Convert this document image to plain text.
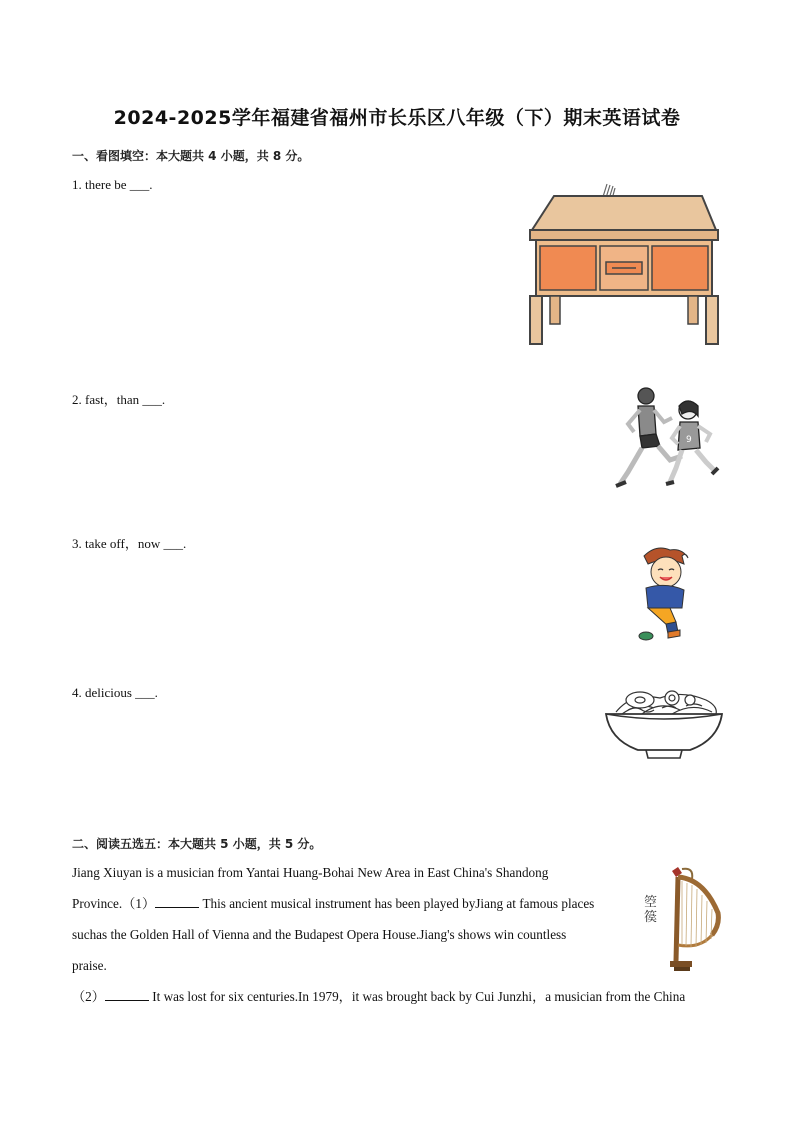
2024-2025学年福建省福州市长乐区八年级（下）期末英语试卷
一、看图填空：本大题共 4 小题，共 8 分。
1. there be ___.
2. fast，than ___.
9
3. take off，now ___.
4. delicious ___.
二、阅读五选五：本大题共 5 小题，共 5 分。
Jiang Xiuyan is a musician from Yantai Huang-Bohai New Area in East China's Shandong
Province.（1）	This ancient musical instrument has been played byJiang at famous places
suchas the Golden Hall of Vienna and the Budapest Opera House.Jiang's shows win countless
praise.
（2）	It was lost for six centuries.In 1979，it was brought back by Cui Junzhi，a musician from the China
箜篌
